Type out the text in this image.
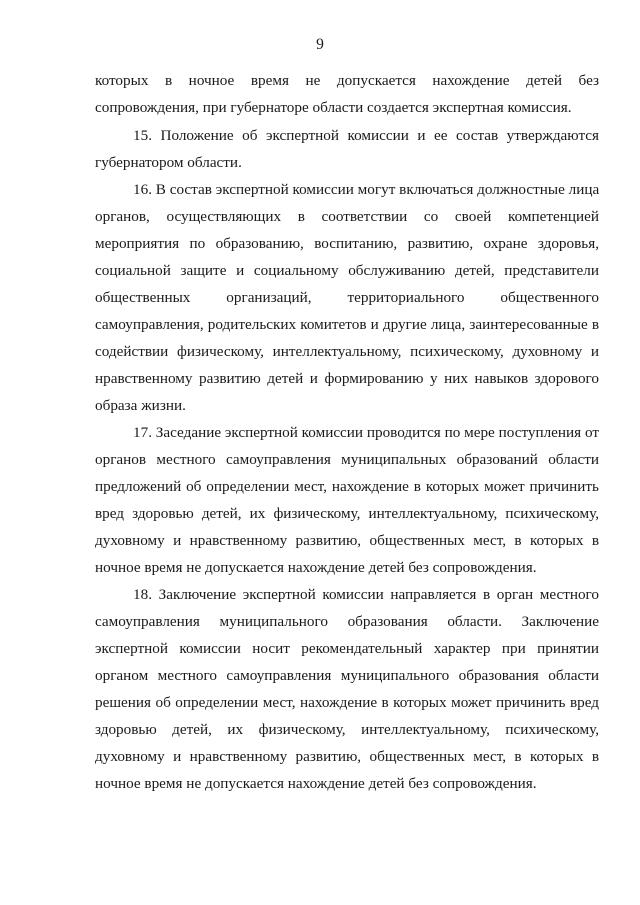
9
которых в ночное время не допускается нахождение детей без
сопровождения, при губернаторе области создается экспертная комиссия.
15. Положение об экспертной комиссии и ее состав утверждаются
губернатором области.
16. В состав экспертной комиссии могут включаться должностные лица
органов, осуществляющих в соответствии со своей компетенцией
мероприятия по образованию, воспитанию, развитию, охране здоровья,
социальной защите и социальному обслуживанию детей, представители
общественных организаций, территориального общественного
самоуправления, родительских комитетов и другие лица, заинтересованные в
содействии физическому, интеллектуальному, психическому, духовному и
нравственному развитию детей и формированию у них навыков здорового
образа жизни.
17. Заседание экспертной комиссии проводится по мере поступления от
органов местного самоуправления муниципальных образований области
предложений об определении мест, нахождение в которых может причинить
вред здоровью детей, их физическому, интеллектуальному, психическому,
духовному и нравственному развитию, общественных мест, в которых в
ночное время не допускается нахождение детей без сопровождения.
18. Заключение экспертной комиссии направляется в орган местного
самоуправления муниципального образования области. Заключение
экспертной комиссии носит рекомендательный характер при принятии
органом местного самоуправления муниципального образования области
решения об определении мест, нахождение в которых может причинить вред
здоровью детей, их физическому, интеллектуальному, психическому,
духовному и нравственному развитию, общественных мест, в которых в
ночное время не допускается нахождение детей без сопровождения.
